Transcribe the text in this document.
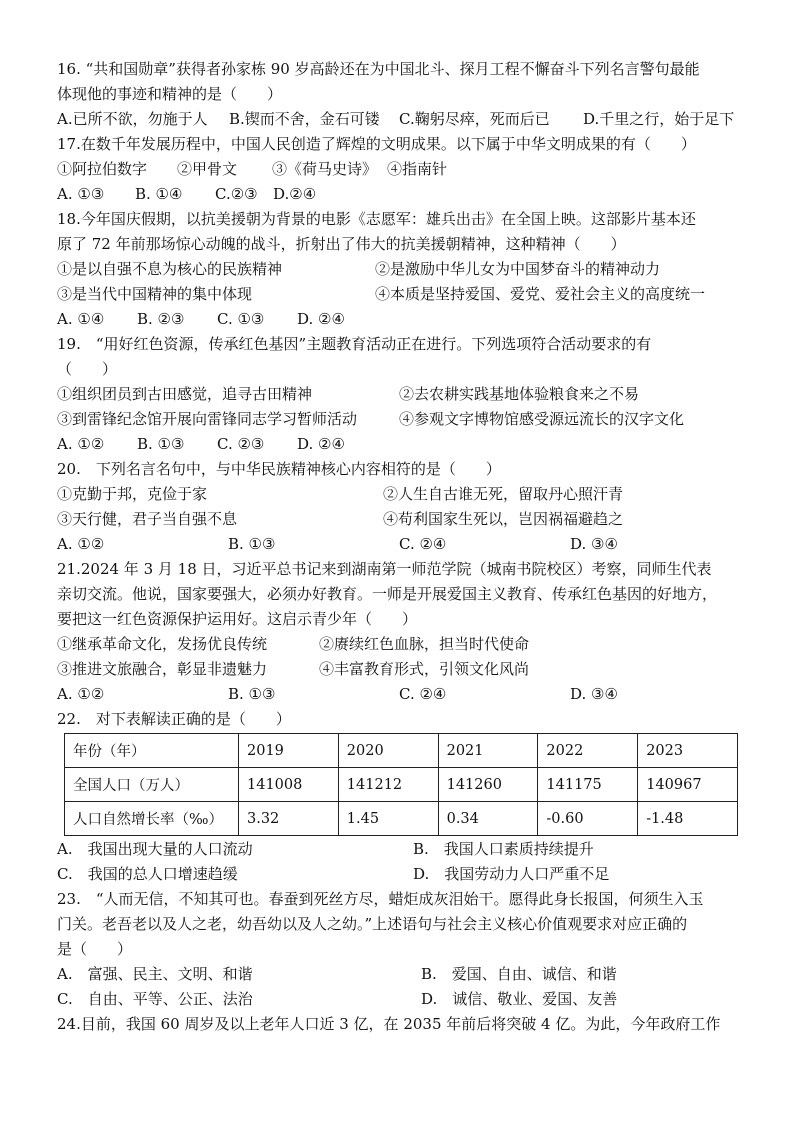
16. “共和国勋章”获得者孙家栋 90 岁高龄还在为中国北斗、探月工程不懈奋斗下列名言警句最能
体现他的事迹和精神的是（　　）
A.已所不欲，勿施于人	B.锲而不舍，金石可镂	C.鞠躬尽瘁，死而后已	D.千里之行，始于足下
17.在数千年发展历程中，中国人民创造了辉煌的文明成果。以下属于中华文明成果的有（　　）
①阿拉伯数字	②甲骨文	③《荷马史诗》 ④指南针
A. ①③	B. ①④	C.②③	D.②④
18.今年国庆假期，以抗美援朝为背景的电影《志愿军：雄兵出击》在全国上映。这部影片基本还
原了 72 年前那场惊心动魄的战斗，折射出了伟大的抗美援朝精神，这种精神（　　）
①是以自强不息为核心的民族精神	②是激励中华儿女为中国梦奋斗的精神动力
③是当代中国精神的集中体现	④本质是坚持爱国、爱党、爱社会主义的高度统一
A. ①④	B. ②③	C. ①③	D. ②④
19.　“用好红色资源，传承红色基因”主题教育活动正在进行。下列选项符合活动要求的有
（　　）
①组织团员到古田感觉，追寻古田精神	②去农耕实践基地体验粮食来之不易
③到雷锋纪念馆开展向雷锋同志学习暂师活动	④参观文字博物馆感受源远流长的汉字文化
A. ①②	B. ①③	C. ②③	D. ②④
20.　下列名言名句中，与中华民族精神核心内容相符的是（　　）
①克勤于邦，克俭于家	②人生自古谁无死，留取丹心照汗青
③天行健，君子当自强不息	④苟利国家生死以，岂因祸福避趋之
A. ①②	B. ①③	C. ②④	D. ③④
21.2024 年 3 月 18 日，习近平总书记来到湖南第一师范学院（城南书院校区）考察，同师生代表
亲切交流。他说，国家要强大，必须办好教育。一师是开展爱国主义教育、传承红色基因的好地方，
要把这一红色资源保护运用好。这启示青少年（　　）
①继承革命文化，发扬优良传统	②赓续红色血脉，担当时代使命
③推进文旅融合，彰显非遗魅力	④丰富教育形式，引领文化风尚
A. ①②	B. ①③	C. ②④	D. ③④
22.　对下表解读正确的是（　　）
年份（年）	2019	2020	2021	2022	2023
全国人口（万人）	141008	141212	141260	141175	140967
人口自然增长率（‰）	3.32	1.45	0.34	-0.60	-1.48
A.　我国出现大量的人口流动	B.　我国人口素质持续提升
C.　我国的总人口增速趋缓	D.　我国劳动力人口严重不足
23.　“人而无信，不知其可也。春蚕到死丝方尽，蜡炬成灰泪始干。愿得此身长报国，何须生入玉
门关。老吾老以及人之老，幼吾幼以及人之幼。”上述语句与社会主义核心价值观要求对应正确的
是（　　）
A.　富强、民主、文明、和谐	B.　爱国、自由、诚信、和谐
C.　自由、平等、公正、法治	D.　诚信、敬业、爱国、友善
24.目前，我国 60 周岁及以上老年人口近 3 亿，在 2035 年前后将突破 4 亿。为此，今年政府工作
